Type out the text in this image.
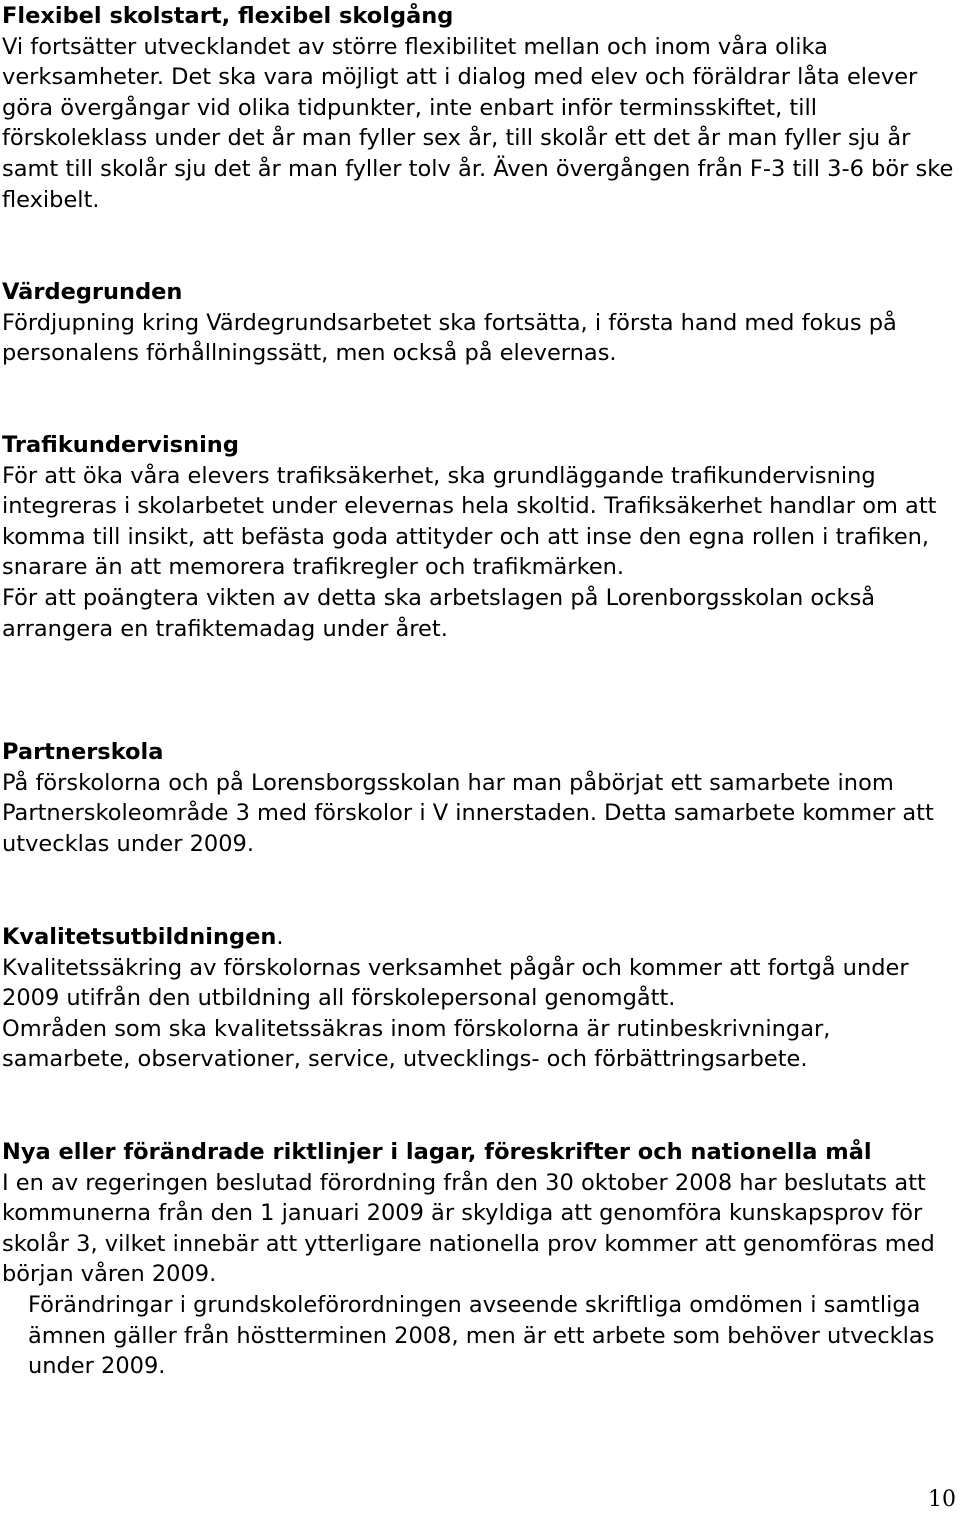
Flexibel skolstart, flexibel skolgång
Vi fortsätter utvecklandet av större flexibilitet mellan och inom våra olika verksamheter. Det ska vara möjligt att i dialog med elev och föräldrar låta elever göra övergångar vid olika tidpunkter, inte enbart inför terminsskiftet, till förskoleklass under det år man fyller sex år, till skolår ett det år man fyller sju år samt till skolår sju det år man fyller tolv år. Även övergången från F-3 till 3-6 bör ske flexibelt.
Värdegrunden
Fördjupning kring Värdegrundsarbetet ska fortsätta, i första hand med fokus på personalens förhållningssätt, men också på elevernas.
Trafikundervisning
För att öka våra elevers trafiksäkerhet, ska grundläggande trafikundervisning integreras i skolarbetet under elevernas hela skoltid. Trafiksäkerhet handlar om att komma till insikt, att befästa goda attityder och att inse den egna rollen i trafiken, snarare än att memorera trafikregler och trafikmärken.
För att poängtera vikten av detta ska arbetslagen på Lorenborgsskolan också arrangera en trafiktemadag under året.
Partnerskola
På förskolorna och på Lorensborgsskolan har man påbörjat ett samarbete inom Partnerskoleområde 3 med förskolor i V innerstaden. Detta samarbete kommer att utvecklas under 2009.
Kvalitetsutbildningen.
Kvalitetssäkring av förskolornas verksamhet pågår och kommer att fortgå under 2009 utifrån den utbildning all förskolepersonal genomgått.
Områden som ska kvalitetssäkras inom förskolorna är rutinbeskrivningar, samarbete, observationer, service, utvecklings- och förbättringsarbete.
Nya eller förändrade riktlinjer i lagar, föreskrifter och nationella mål
I en av regeringen beslutad förordning från den 30 oktober 2008 har beslutats att kommunerna från den 1 januari 2009 är skyldiga att genomföra kunskapsprov för skolår 3, vilket innebär att ytterligare nationella prov kommer att genomföras med början våren 2009.
Förändringar i grundskoleförordningen avseende skriftliga omdömen i samtliga ämnen gäller från höstterminen 2008, men är ett arbete som behöver utvecklas under 2009.
10
